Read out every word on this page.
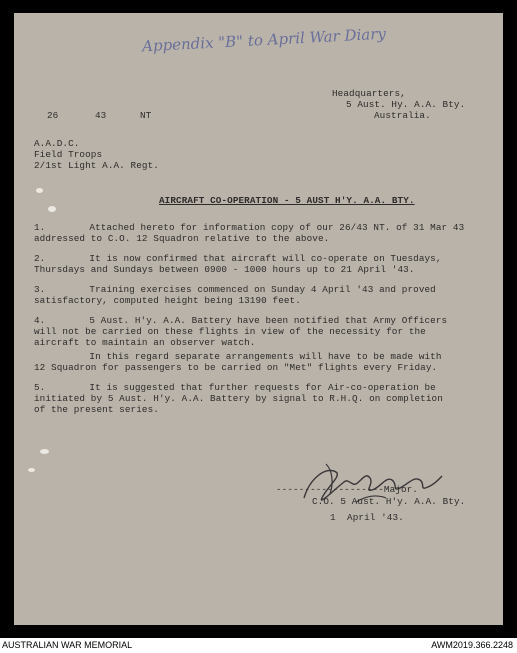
Appendix "B" to April War Diary
Headquarters,
5 Aust. Hy. A.A. Bty.
Australia.
26	43	NT
A.A.D.C.
Field Troops
2/1st Light A.A. Regt.
AIRCRAFT CO-OPERATION - 5 AUST H'Y. A.A. BTY.
1.
Attached hereto for information copy of our 26/43 NT. of 31 Mar 43
addressed to C.O. 12 Squadron relative to the above.
2.
It is now confirmed that aircraft will co-operate on Tuesdays,
Thursdays and Sundays between 0900 - 1000 hours up to 21 April '43.
3.
Training exercises commenced on Sunday 4 April '43 and proved
satisfactory, computed height being 13190 feet.
4.
5 Aust. H'y. A.A. Battery have been notified that Army Officers
will not be carried on these flights in view of the necessity for the
aircraft to maintain an observer watch.
In this regard separate arrangements will have to be made with
12 Squadron for passengers to be carried on "Met" flights every Friday.
5.
It is suggested that further requests for Air-co-operation be
initiated by 5 Aust. H'y. A.A. Battery by signal to R.H.Q. on completion
of the present series.
-------------------Major.
C.O. 5 Aust. H'y. A.A. Bty.
1  April '43.
AUSTRALIAN WAR MEMORIAL	AWM2019.366.2248
